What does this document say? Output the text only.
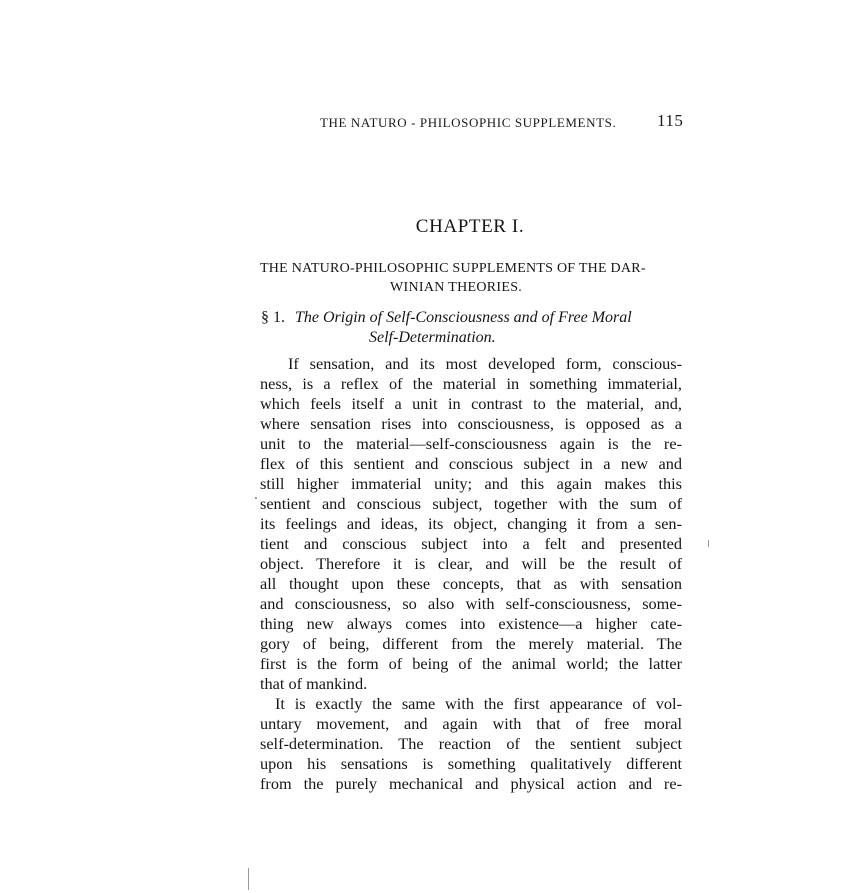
THE NATURO - PHILOSOPHIC SUPPLEMENTS. 115
CHAPTER I.
THE NATURO-PHILOSOPHIC SUPPLEMENTS OF THE DAR-
WINIAN THEORIES.
§ 1. The Origin of Self-Consciousness and of Free Moral
Self-Determination.
If sensation, and its most developed form, conscious-
ness, is a reflex of the material in something immaterial,
which feels itself a unit in contrast to the material, and,
where sensation rises into consciousness, is opposed as a
unit to the material—self-consciousness again is the re-
flex of this sentient and conscious subject in a new and
still higher immaterial unity; and this again makes this
sentient and conscious subject, together with the sum of
its feelings and ideas, its object, changing it from a sen-
tient and conscious subject into a felt and presented
object. Therefore it is clear, and will be the result of
all thought upon these concepts, that as with sensation
and consciousness, so also with self-consciousness, some-
thing new always comes into existence—a higher cate-
gory of being, different from the merely material. The
first is the form of being of the animal world; the latter
that of mankind.
It is exactly the same with the first appearance of vol-
untary movement, and again with that of free moral
self-determination. The reaction of the sentient subject
upon his sensations is something qualitatively different
from the purely mechanical and physical action and re-
